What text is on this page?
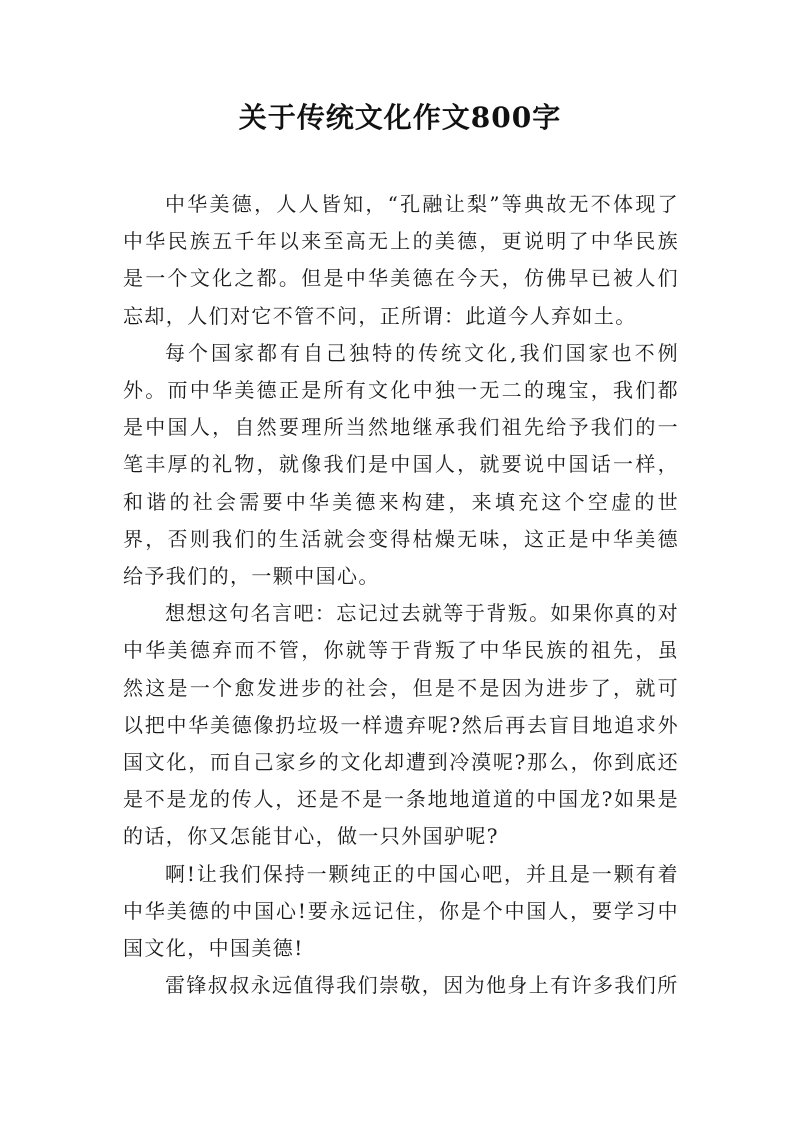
关于传统文化作文800字

中华美德，人人皆知，“孔融让梨”等典故无不体现了中华民族五千年以来至高无上的美德，更说明了中华民族是一个文化之都。但是中华美德在今天，仿佛早已被人们忘却，人们对它不管不问，正所谓：此道今人弃如土。

每个国家都有自己独特的传统文化,我们国家也不例外。而中华美德正是所有文化中独一无二的瑰宝，我们都是中国人，自然要理所当然地继承我们祖先给予我们的一笔丰厚的礼物，就像我们是中国人，就要说中国话一样，和谐的社会需要中华美德来构建，来填充这个空虚的世界，否则我们的生活就会变得枯燥无味，这正是中华美德给予我们的，一颗中国心。

想想这句名言吧：忘记过去就等于背叛。如果你真的对中华美德弃而不管，你就等于背叛了中华民族的祖先，虽然这是一个愈发进步的社会，但是不是因为进步了，就可以把中华美德像扔垃圾一样遗弃呢?然后再去盲目地追求外国文化，而自己家乡的文化却遭到冷漠呢?那么，你到底还是不是龙的传人，还是不是一条地地道道的中国龙?如果是的话，你又怎能甘心，做一只外国驴呢?

啊!让我们保持一颗纯正的中国心吧，并且是一颗有着中华美德的中国心!要永远记住，你是个中国人，要学习中国文化，中国美德!

雷锋叔叔永远值得我们崇敬，因为他身上有许多我们所
